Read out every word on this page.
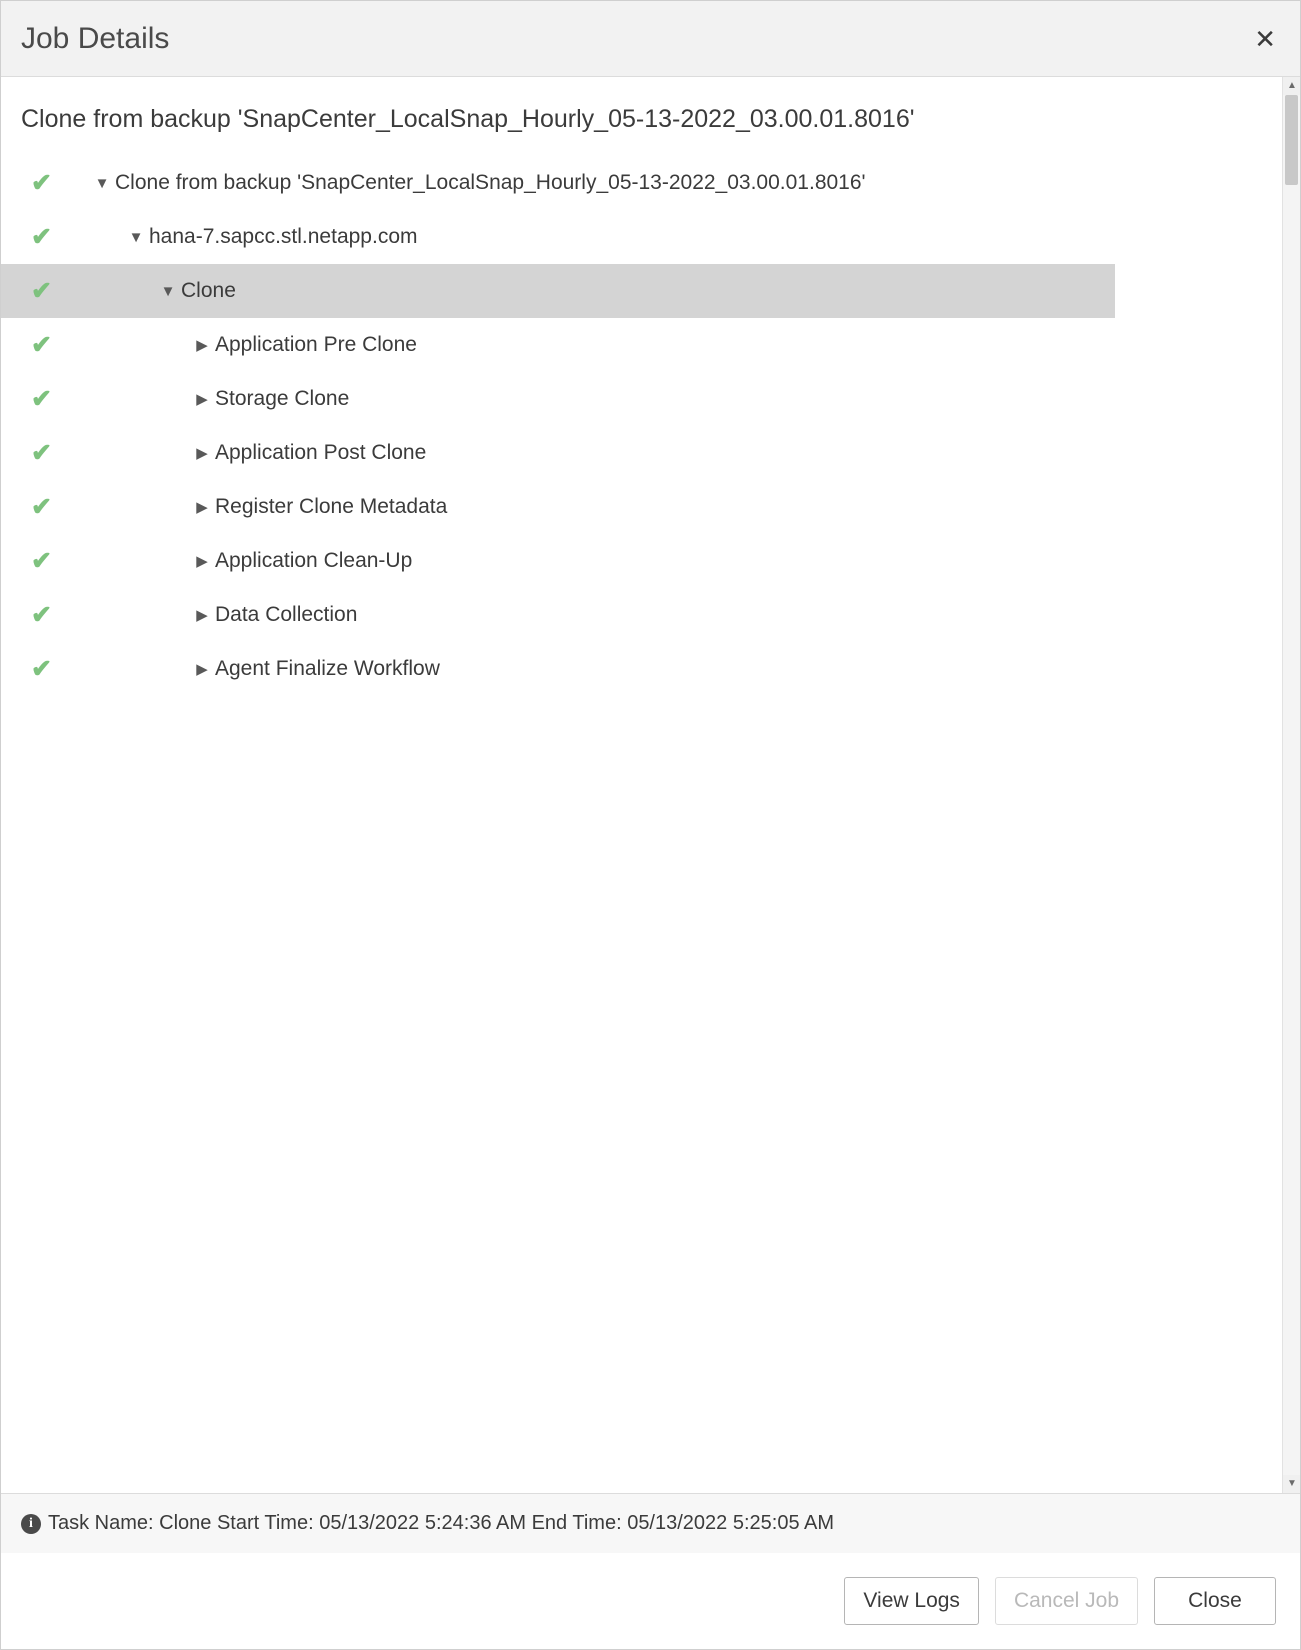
Job Details	✕
Clone from backup 'SnapCenter_LocalSnap_Hourly_05-13-2022_03.00.01.8016'
✔
▼
Clone from backup 'SnapCenter_LocalSnap_Hourly_05-13-2022_03.00.01.8016'
✔
▼
hana-7.sapcc.stl.netapp.com
✔
▼
Clone
✔
▶
Application Pre Clone
✔
▶
Storage Clone
✔
▶
Application Post Clone
✔
▶
Register Clone Metadata
✔
▶
Application Clean-Up
✔
▶
Data Collection
✔
▶
Agent Finalize Workflow
▲
▼
i Task Name: Clone Start Time: 05/13/2022 5:24:36 AM End Time: 05/13/2022 5:25:05 AM
View Logs	Cancel Job	Close
